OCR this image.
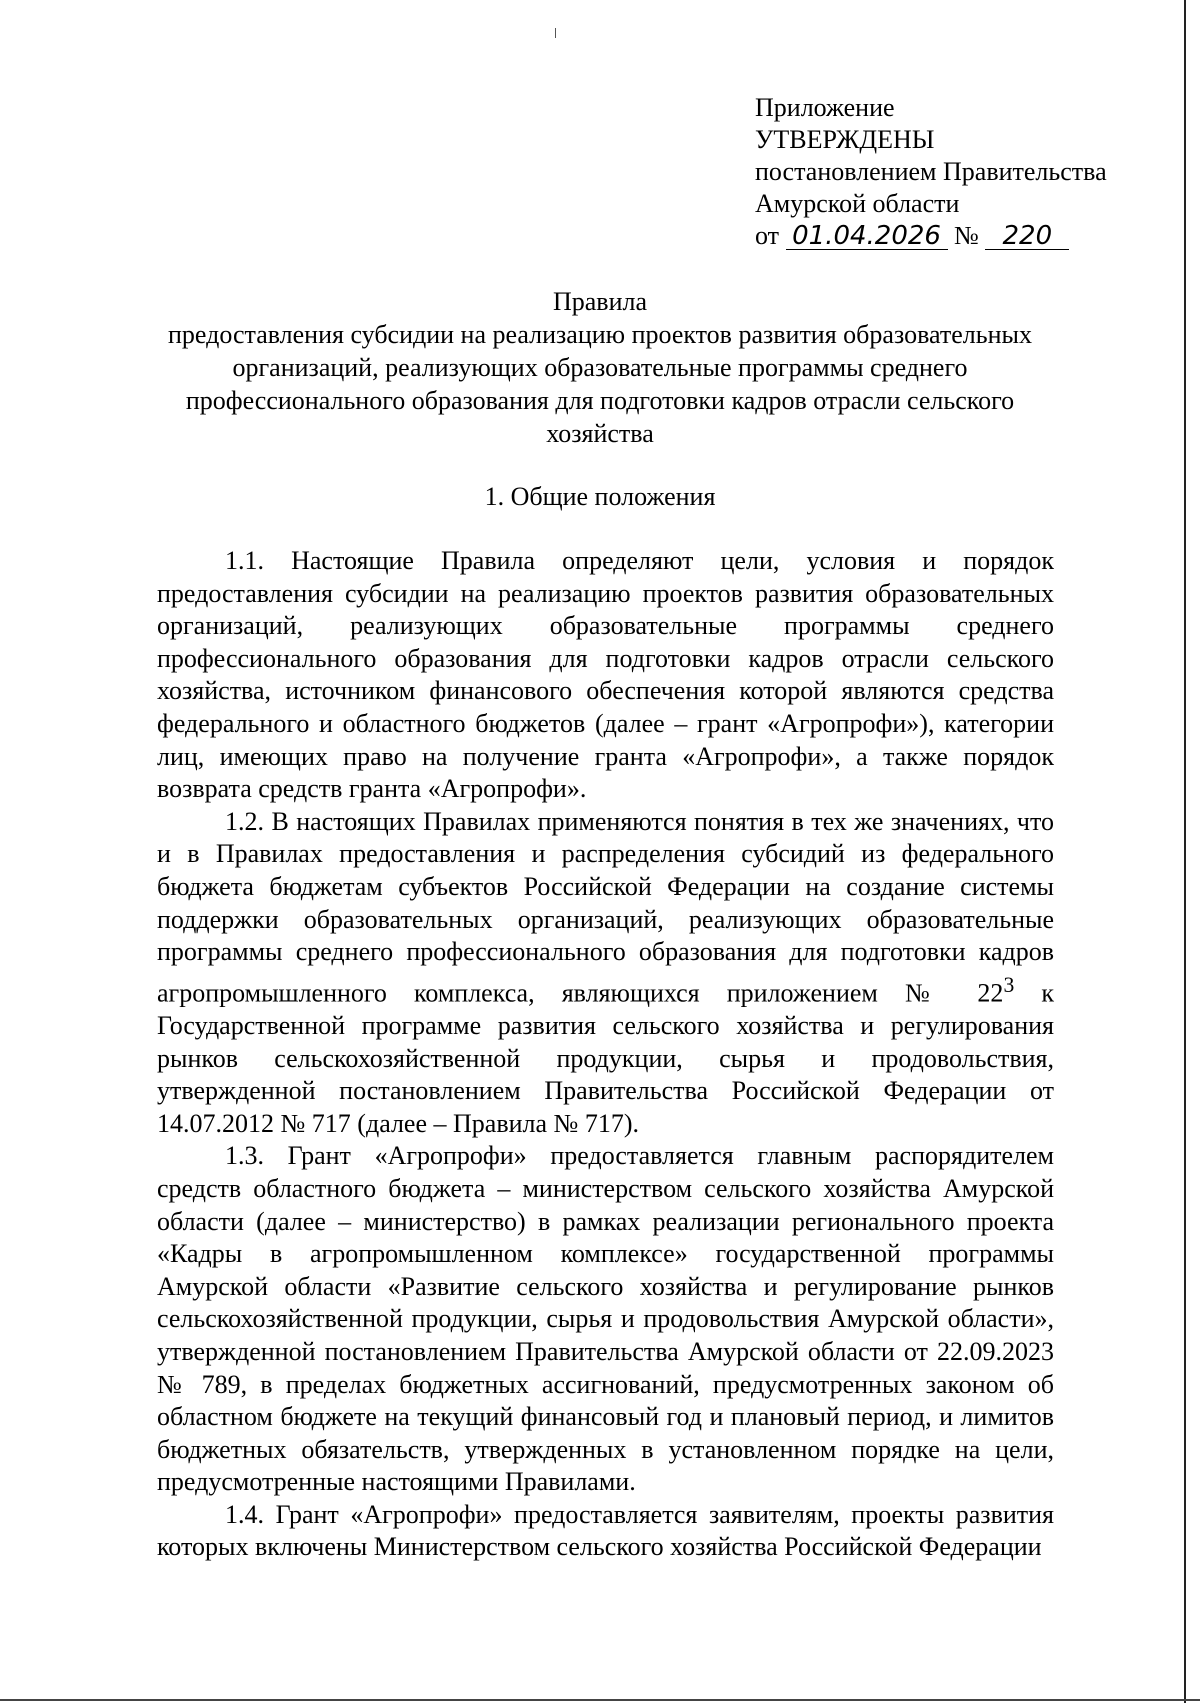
Приложение
УТВЕРЖДЕНЫ
постановлением Правительства
Амурской области
от 01.04.2026 № 220
Правила
предоставления субсидии на реализацию проектов развития образовательных организаций, реализующих образовательные программы среднего профессионального образования для подготовки кадров отрасли сельского хозяйства
1. Общие положения

1.1. Настоящие Правила определяют цели, условия и порядок предоставления субсидии на реализацию проектов развития образовательных организаций, реализующих образовательные программы среднего профессионального образования для подготовки кадров отрасли сельского хозяйства, источником финансового обеспечения которой являются средства федерального и областного бюджетов (далее – грант «Агропрофи»), категории лиц, имеющих право на получение гранта «Агропрофи», а также порядок возврата средств гранта «Агропрофи».

1.2. В настоящих Правилах применяются понятия в тех же значениях, что и в Правилах предоставления и распределения субсидий из федерального бюджета бюджетам субъектов Российской Федерации на создание системы поддержки образовательных организаций, реализующих образовательные программы среднего профессионального образования для подготовки кадров агропромышленного комплекса, являющихся приложением № $22^3$ к Государственной программе развития сельского хозяйства и регулирования рынков сельскохозяйственной продукции, сырья и продовольствия, утвержденной постановлением Правительства Российской Федерации от 14.07.2012 № 717 (далее – Правила № 717).

1.3. Грант «Агропрофи» предоставляется главным распорядителем средств областного бюджета – министерством сельского хозяйства Амурской области (далее – министерство) в рамках реализации регионального проекта «Кадры в агропромышленном комплексе» государственной программы Амурской области «Развитие сельского хозяйства и регулирование рынков сельскохозяйственной продукции, сырья и продовольствия Амурской области», утвержденной постановлением Правительства Амурской области от 22.09.2023 № 789, в пределах бюджетных ассигнований, предусмотренных законом об областном бюджете на текущий финансовый год и плановый период, и лимитов бюджетных обязательств, утвержденных в установленном порядке на цели, предусмотренные настоящими Правилами.

1.4. Грант «Агропрофи» предоставляется заявителям, проекты развития которых включены Министерством сельского хозяйства Российской Федерации
